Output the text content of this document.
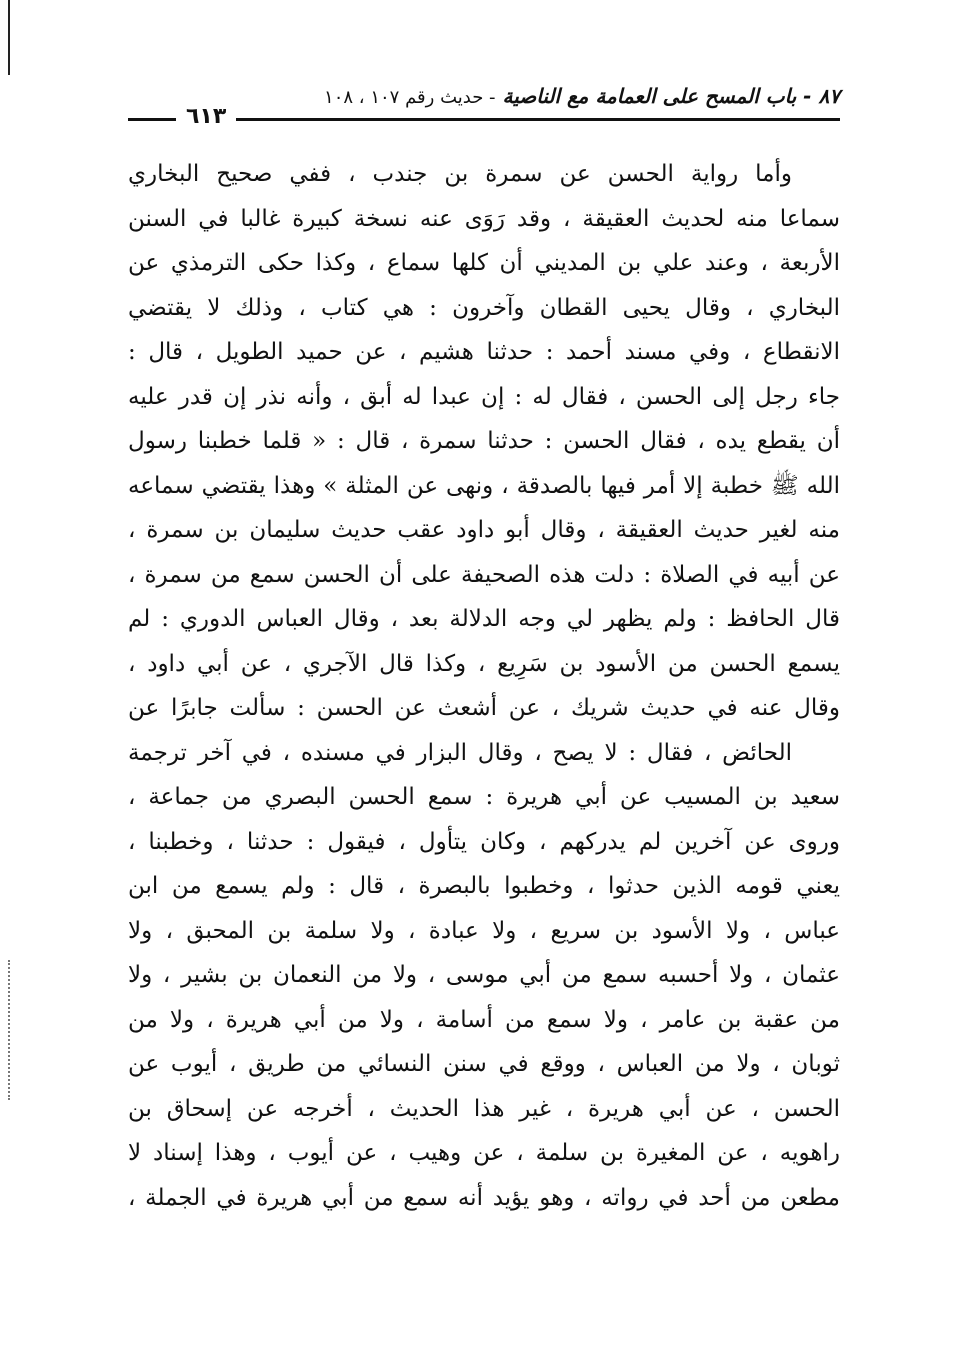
٨٧ - باب المسح على العمامة مع الناصية - حديث رقم ١٠٧ ، ١٠٨
٦١٣
وأما رواية الحسن عن سمرة بن جندب ، ففي صحيح البخاري
سماعا منه لحديث العقيقة ، وقد رَوَى عنه نسخة كبيرة غالبا في السنن
الأربعة ، وعند علي بن المديني أن كلها سماع ، وكذا حكى الترمذي عن
البخاري ، وقال يحيى القطان وآخرون : هي كتاب ، وذلك لا يقتضي
الانقطاع ، وفي مسند أحمد : حدثنا هشيم ، عن حميد الطويل ، قال :
جاء رجل إلى الحسن ، فقال له : إن عبدا له أبق ، وأنه نذر إن قدر عليه
أن يقطع يده ، فقال الحسن : حدثنا سمرة ، قال : « قلما خطبنا رسول
الله ﷺ خطبة إلا أمر فيها بالصدقة ، ونهى عن المثلة » وهذا يقتضي سماعه
منه لغير حديث العقيقة ، وقال أبو داود عقب حديث سليمان بن سمرة ،
عن أبيه في الصلاة : دلت هذه الصحيفة على أن الحسن سمع من سمرة ،
قال الحافظ : ولم يظهر لي وجه الدلالة بعد ، وقال العباس الدوري : لم
يسمع الحسن من الأسود بن سَرِيع ، وكذا قال الآجري ، عن أبي داود ،
وقال عنه في حديث شريك ، عن أشعث عن الحسن : سألت جابرًا عن
الحائض ، فقال : لا يصح ، وقال البزار في مسنده ، في آخر ترجمة
سعيد بن المسيب عن أبي هريرة : سمع الحسن البصري من جماعة ،
وروى عن آخرين لم يدركهم ، وكان يتأول ، فيقول : حدثنا ، وخطبنا ،
يعني قومه الذين حدثوا ، وخطبوا بالبصرة ، قال : ولم يسمع من ابن
عباس ، ولا الأسود بن سريع ، ولا عبادة ، ولا سلمة بن المحبق ، ولا
عثمان ، ولا أحسبه سمع من أبي موسى ، ولا من النعمان بن بشير ، ولا
من عقبة بن عامر ، ولا سمع من أسامة ، ولا من أبي هريرة ، ولا من
ثوبان ، ولا من العباس ، ووقع في سنن النسائي من طريق ، أيوب عن
الحسن ، عن أبي هريرة ، غير هذا الحديث ، أخرجه عن إسحاق بن
راهويه ، عن المغيرة بن سلمة ، عن وهيب ، عن أيوب ، وهذا إسناد لا
مطعن من أحد في رواته ، وهو يؤيد أنه سمع من أبي هريرة في الجملة ،
